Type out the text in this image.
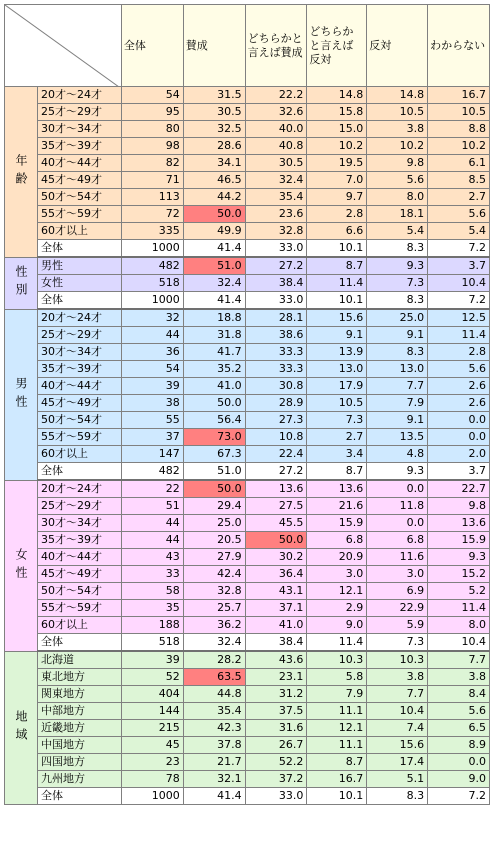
	全体	賛成	どちらかと言えば賛成	どちらかと言えば反対	反対	わからない
年齢	20才～24才	54	31.5	22.2	14.8	14.8	16.7
	25才～29才	95	30.5	32.6	15.8	10.5	10.5
	30才～34才	80	32.5	40.0	15.0	3.8	8.8
	35才～39才	98	28.6	40.8	10.2	10.2	10.2
	40才～44才	82	34.1	30.5	19.5	9.8	6.1
	45才～49才	71	46.5	32.4	7.0	5.6	8.5
	50才～54才	113	44.2	35.4	9.7	8.0	2.7
	55才～59才	72	50.0	23.6	2.8	18.1	5.6
	60才以上	335	49.9	32.8	6.6	5.4	5.4
	全体	1000	41.4	33.0	10.1	8.3	7.2
性別	男性	482	51.0	27.2	8.7	9.3	3.7
	女性	518	32.4	38.4	11.4	7.3	10.4
	全体	1000	41.4	33.0	10.1	8.3	7.2
男性	20才～24才	32	18.8	28.1	15.6	25.0	12.5
	25才～29才	44	31.8	38.6	9.1	9.1	11.4
	30才～34才	36	41.7	33.3	13.9	8.3	2.8
	35才～39才	54	35.2	33.3	13.0	13.0	5.6
	40才～44才	39	41.0	30.8	17.9	7.7	2.6
	45才～49才	38	50.0	28.9	10.5	7.9	2.6
	50才～54才	55	56.4	27.3	7.3	9.1	0.0
	55才～59才	37	73.0	10.8	2.7	13.5	0.0
	60才以上	147	67.3	22.4	3.4	4.8	2.0
	全体	482	51.0	27.2	8.7	9.3	3.7
女性	20才～24才	22	50.0	13.6	13.6	0.0	22.7
	25才～29才	51	29.4	27.5	21.6	11.8	9.8
	30才～34才	44	25.0	45.5	15.9	0.0	13.6
	35才～39才	44	20.5	50.0	6.8	6.8	15.9
	40才～44才	43	27.9	30.2	20.9	11.6	9.3
	45才～49才	33	42.4	36.4	3.0	3.0	15.2
	50才～54才	58	32.8	43.1	12.1	6.9	5.2
	55才～59才	35	25.7	37.1	2.9	22.9	11.4
	60才以上	188	36.2	41.0	9.0	5.9	8.0
	全体	518	32.4	38.4	11.4	7.3	10.4
地域	北海道	39	28.2	43.6	10.3	10.3	7.7
	東北地方	52	63.5	23.1	5.8	3.8	3.8
	関東地方	404	44.8	31.2	7.9	7.7	8.4
	中部地方	144	35.4	37.5	11.1	10.4	5.6
	近畿地方	215	42.3	31.6	12.1	7.4	6.5
	中国地方	45	37.8	26.7	11.1	15.6	8.9
	四国地方	23	21.7	52.2	8.7	17.4	0.0
	九州地方	78	32.1	37.2	16.7	5.1	9.0
	全体	1000	41.4	33.0	10.1	8.3	7.2
